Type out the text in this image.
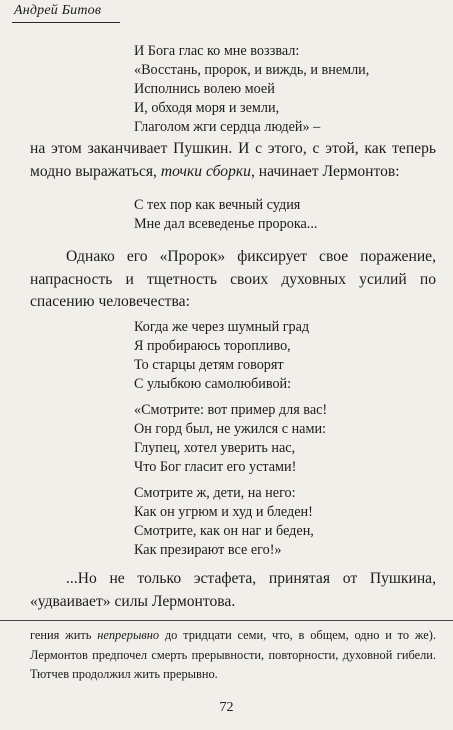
Андрей Битов
И Бога глас ко мне воззвал:
«Восстань, пророк, и виждь, и внемли,
Исполнись волею моей
И, обходя моря и земли,
Глаголом жги сердца людей» –

на этом заканчивает Пушкин. И с этого, с этой, как теперь модно выражаться, точки сборки, начинает Лермонтов:

С тех пор как вечный судия
Мне дал всеведенье пророка...

Однако его «Пророк» фиксирует свое поражение, напрасность и тщетность своих духовных усилий по спасению человечества:

Когда же через шумный град
Я пробираюсь торопливо,
То старцы детям говорят
С улыбкою самолюбивой:
«Смотрите: вот пример для вас!
Он горд был, не ужился с нами:
Глупец, хотел уверить нас,
Что Бог гласит его устами!
Смотрите ж, дети, на него:
Как он угрюм и худ и бледен!
Смотрите, как он наг и беден,
Как презирают все его!»

...Но не только эстафета, принятая от Пушкина, «удваивает» силы Лермонтова.

гения жить непрерывно до тридцати семи, что, в общем, одно и то же). Лермонтов предпочел смерть прерывности, повторности, духовной гибели. Тютчев продолжил жить прерывно.

72
